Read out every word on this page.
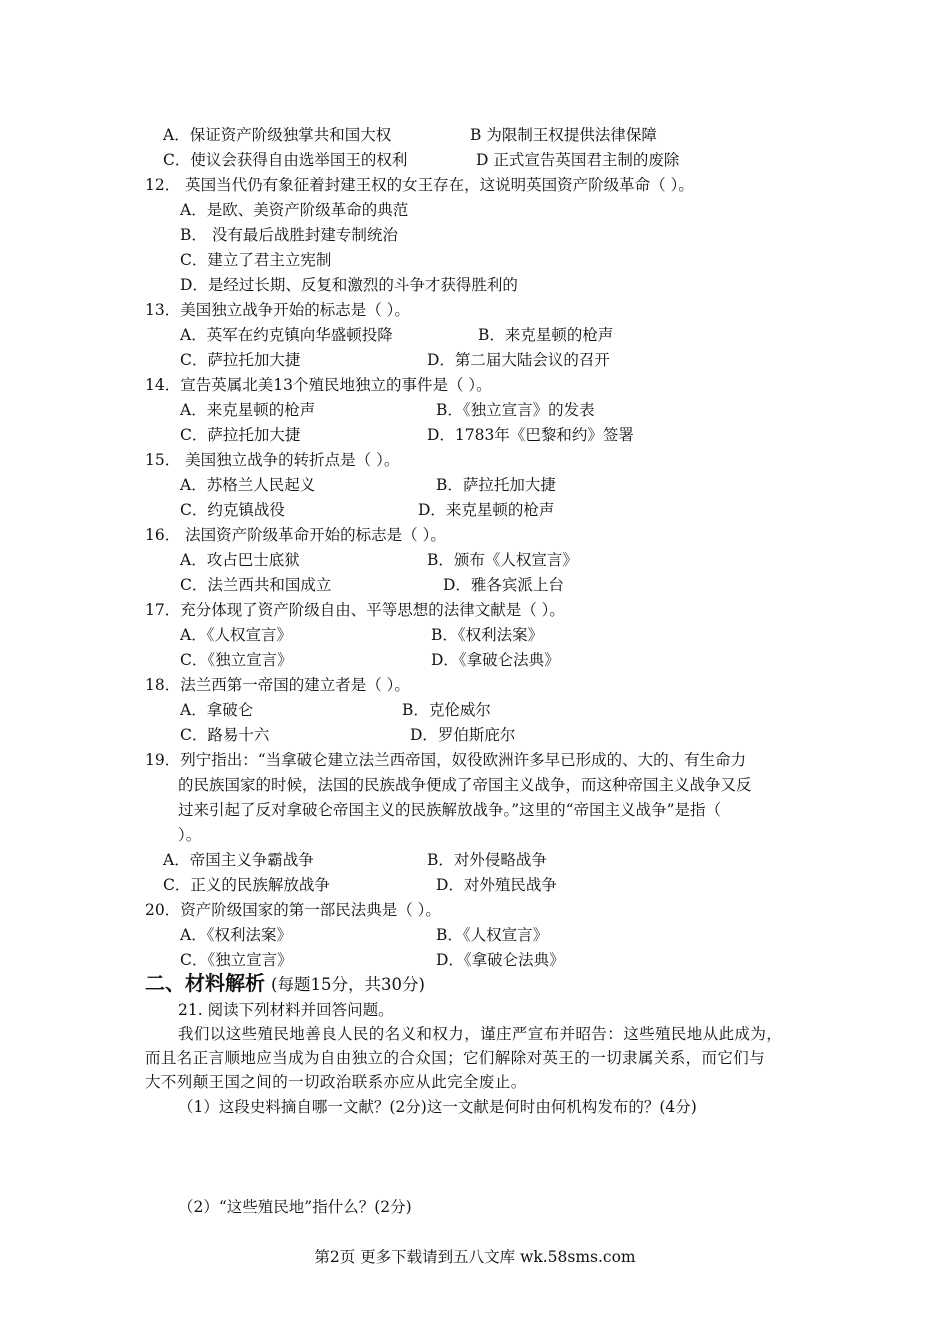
A．保证资产阶级独掌共和国大权	B 为限制王权提供法律保障
C．使议会获得自由选举国王的权利	D 正式宣告英国君主制的废除
12． 英国当代仍有象征着封建王权的女王存在，这说明英国资产阶级革命（ ）。
A．是欧、美资产阶级革命的典范
B． 没有最后战胜封建专制统治
C．建立了君主立宪制
D．是经过长期、反复和激烈的斗争才获得胜利的
13．美国独立战争开始的标志是（ ）。
A．英军在约克镇向华盛顿投降	B．来克星顿的枪声
C．萨拉托加大捷	D．第二届大陆会议的召开
14．宣告英属北美13个殖民地独立的事件是（ ）。
A．来克星顿的枪声	B．《独立宣言》的发表
C．萨拉托加大捷	D．1783年《巴黎和约》签署
15． 美国独立战争的转折点是（ ）。
A．苏格兰人民起义	B．萨拉托加大捷
C．约克镇战役	D．来克星顿的枪声
16． 法国资产阶级革命开始的标志是（ ）。
A．攻占巴士底狱	B．颁布《人权宣言》
C．法兰西共和国成立	D．雅各宾派上台
17．充分体现了资产阶级自由、平等思想的法律文献是（ ）。
A．《人权宣言》	B．《权利法案》
C．《独立宣言》	D．《拿破仑法典》
18．法兰西第一帝国的建立者是（ ）。
A．拿破仑	B．克伦威尔
C．路易十六	D．罗伯斯庇尔
19．列宁指出：“当拿破仑建立法兰西帝国，奴役欧洲许多早已形成的、大的、有生命力
的民族国家的时候，法国的民族战争便成了帝国主义战争，而这种帝国主义战争又反
过来引起了反对拿破仑帝国主义的民族解放战争。”这里的“帝国主义战争”是指（
）。
A．帝国主义争霸战争	B．对外侵略战争
C．正义的民族解放战争	D．对外殖民战争
20．资产阶级国家的第一部民法典是（ ）。
A．《权利法案》	B．《人权宣言》
C．《独立宣言》	D．《拿破仑法典》
二、材料解析 (每题15分，共30分)
21. 阅读下列材料并回答问题。
我们以这些殖民地善良人民的名义和权力，谨庄严宣布并昭告：这些殖民地从此成为，
而且名正言顺地应当成为自由独立的合众国；它们解除对英王的一切隶属关系，而它们与
大不列颠王国之间的一切政治联系亦应从此完全废止。
（1）这段史料摘自哪一文献？(2分)这一文献是何时由何机构发布的？(4分)
（2）“这些殖民地”指什么？(2分)
第2页 更多下载请到五八文库 wk.58sms.com
